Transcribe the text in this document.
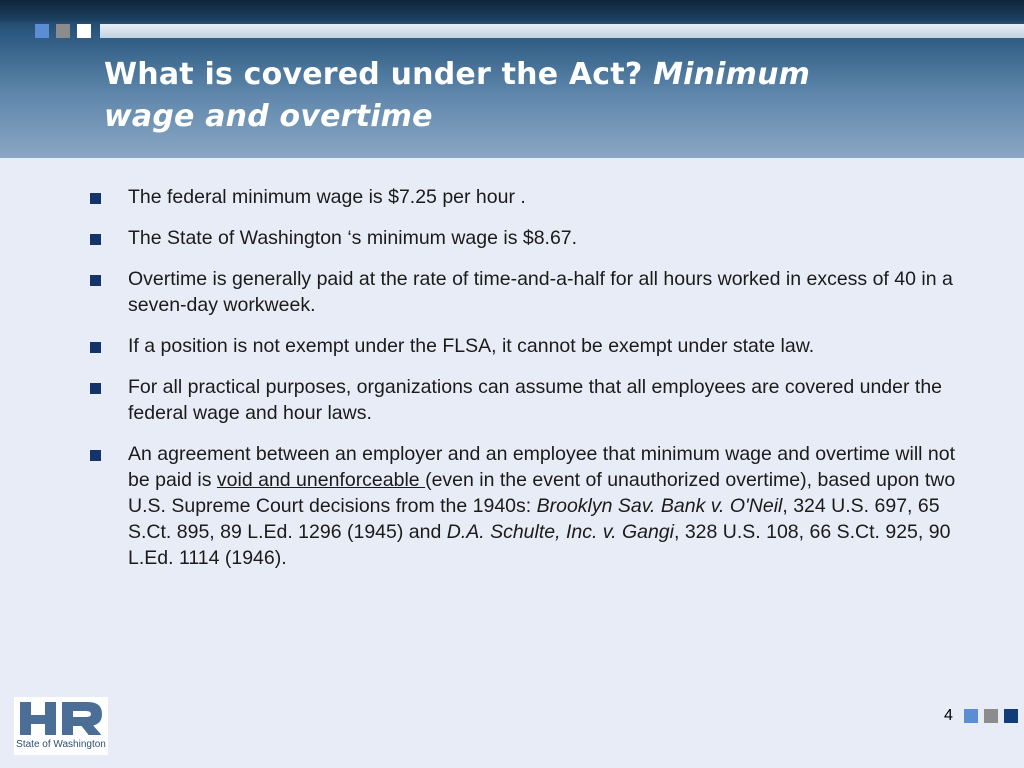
What is covered under the Act? Minimum
wage and overtime
The federal minimum wage is $7.25 per hour .
The State of Washington ‘s minimum wage is $8.67.
Overtime is generally paid at the rate of time-and-a-half for all hours worked in excess of 40 in a seven-day workweek.
If a position is not exempt under the FLSA, it cannot be exempt under state law.
For all practical purposes, organizations can assume that all employees are covered under the federal wage and hour laws.
An agreement between an employer and an employee that minimum wage and overtime will not be paid is void and unenforceable (even in the event of unauthorized overtime), based upon two U.S. Supreme Court decisions from the 1940s: Brooklyn Sav. Bank v. O'Neil, 324 U.S. 697, 65 S.Ct. 895, 89 L.Ed. 1296 (1945) and D.A. Schulte, Inc. v. Gangi, 328 U.S. 108, 66 S.Ct. 925, 90 L.Ed. 1114 (1946).
State of Washington
4
